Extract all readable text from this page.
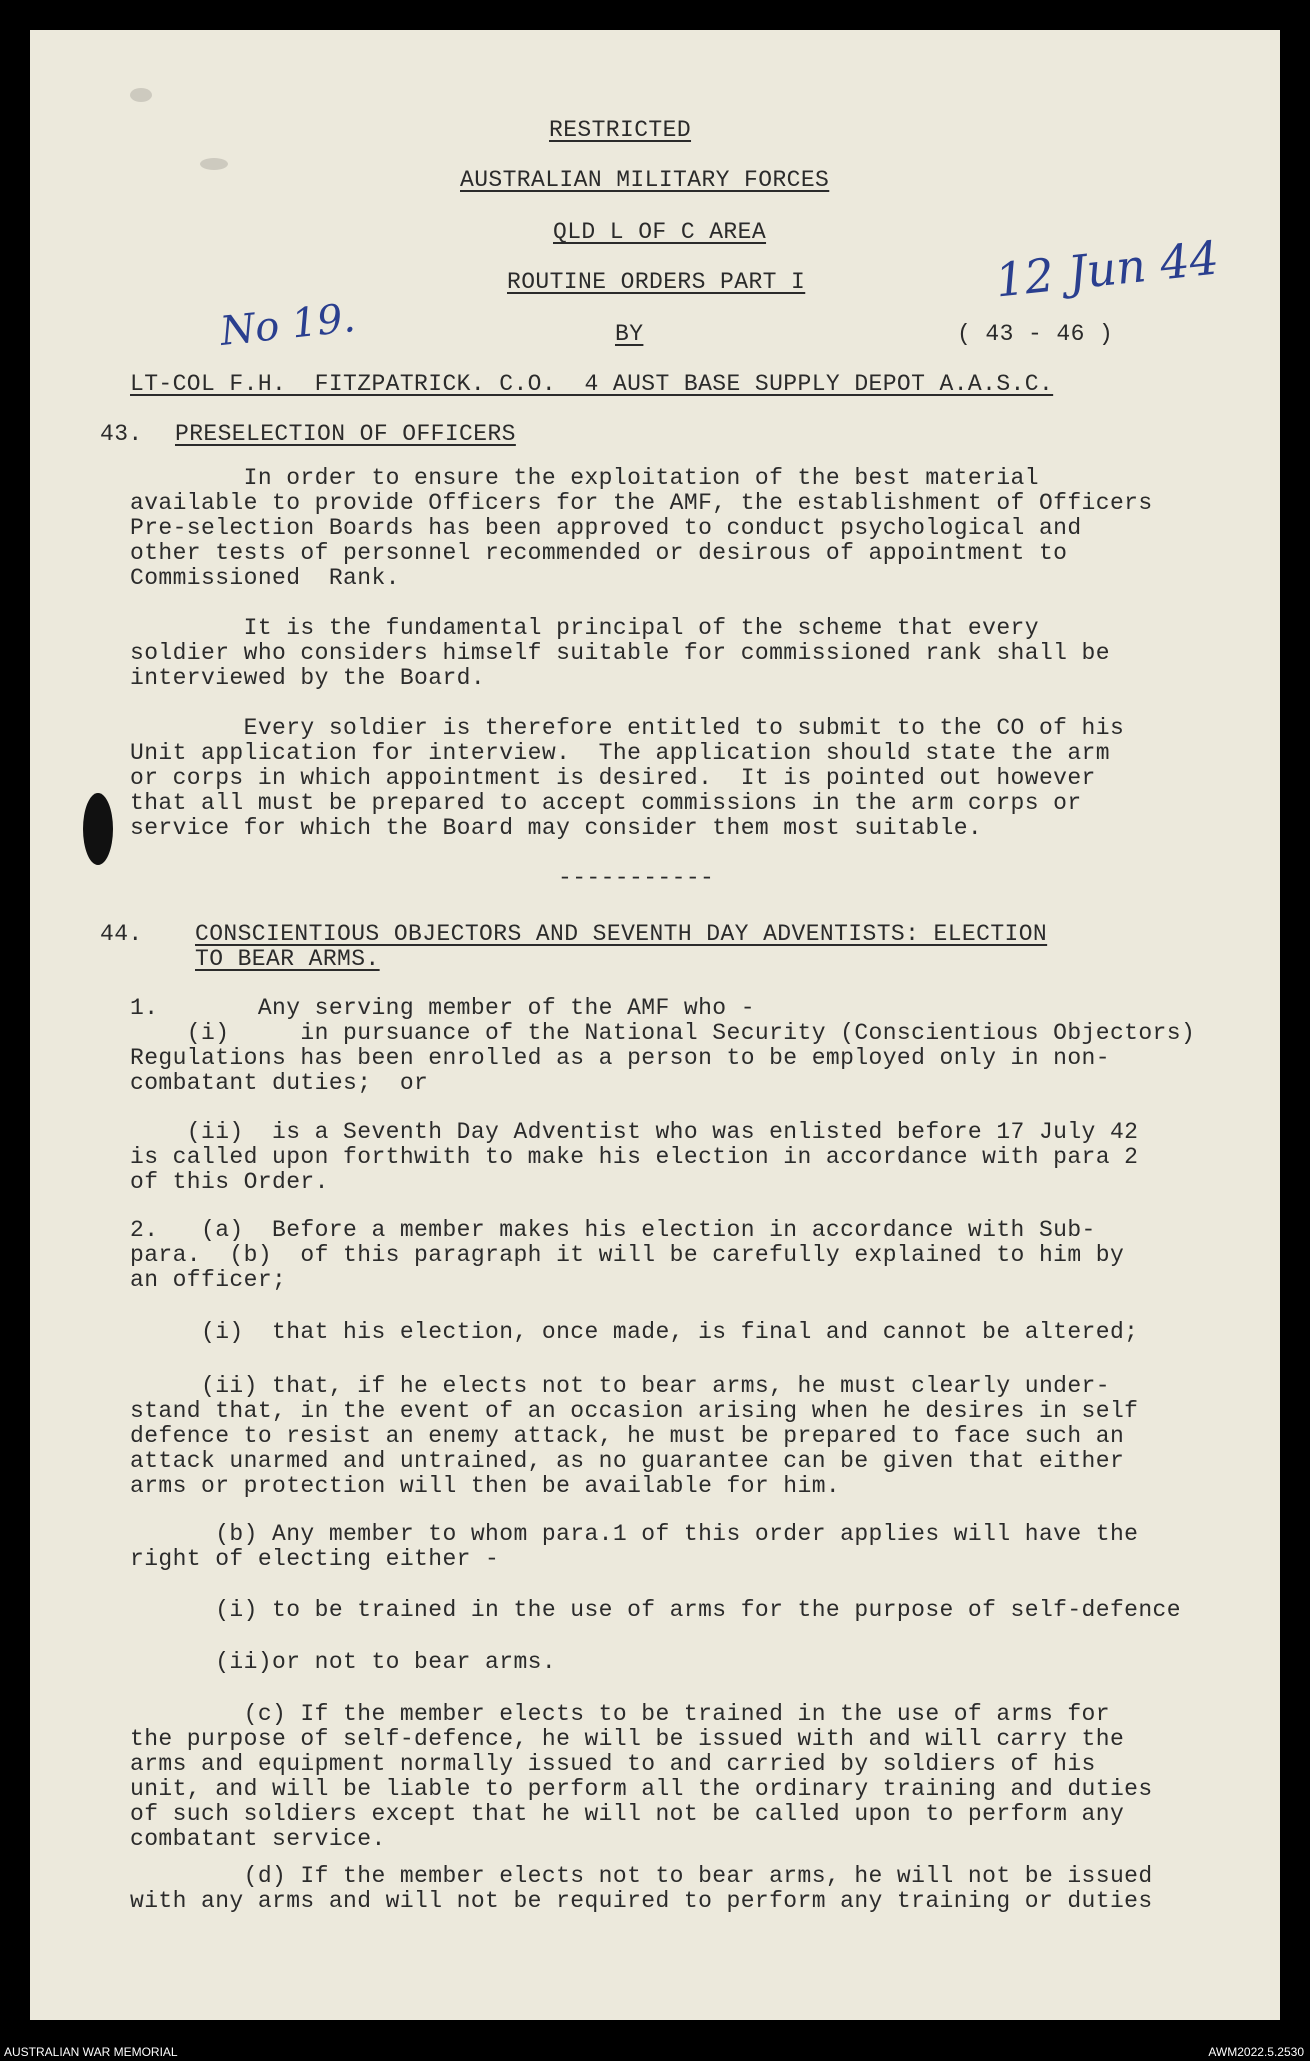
RESTRICTED
AUSTRALIAN MILITARY FORCES
QLD L OF C AREA
ROUTINE ORDERS PART I	12 Jun 44
No 19.	BY	( 43 - 46 )
LT-COL F.H.  FITZPATRICK. C.O.  4 AUST BASE SUPPLY DEPOT A.A.S.C.
43. PRESELECTION OF OFFICERS
In order to ensure the exploitation of the best material
available to provide Officers for the AMF, the establishment of Officers
Pre-selection Boards has been approved to conduct psychological and
other tests of personnel recommended or desirous of appointment to
Commissioned  Rank.
It is the fundamental principal of the scheme that every
soldier who considers himself suitable for commissioned rank shall be
interviewed by the Board.
Every soldier is therefore entitled to submit to the CO of his
Unit application for interview.  The application should state the arm
or corps in which appointment is desired.  It is pointed out however
that all must be prepared to accept commissions in the arm corps or
service for which the Board may consider them most suitable.
-----------
44. CONSCIENTIOUS OBJECTORS AND SEVENTH DAY ADVENTISTS: ELECTION
TO BEAR ARMS.
1.       Any serving member of the AMF who -
(i)     in pursuance of the National Security (Conscientious Objectors)
Regulations has been enrolled as a person to be employed only in non-
combatant duties;  or
(ii)  is a Seventh Day Adventist who was enlisted before 17 July 42
is called upon forthwith to make his election in accordance with para 2
of this Order.
2.   (a)  Before a member makes his election in accordance with Sub-
para.  (b)  of this paragraph it will be carefully explained to him by
an officer;
(i)  that his election, once made, is final and cannot be altered;
(ii) that, if he elects not to bear arms, he must clearly under-
stand that, in the event of an occasion arising when he desires in self
defence to resist an enemy attack, he must be prepared to face such an
attack unarmed and untrained, as no guarantee can be given that either
arms or protection will then be available for him.
(b) Any member to whom para.1 of this order applies will have the
right of electing either -
(i) to be trained in the use of arms for the purpose of self-defence
(ii)or not to bear arms.
(c) If the member elects to be trained in the use of arms for
the purpose of self-defence, he will be issued with and will carry the
arms and equipment normally issued to and carried by soldiers of his
unit, and will be liable to perform all the ordinary training and duties
of such soldiers except that he will not be called upon to perform any
combatant service.
(d) If the member elects not to bear arms, he will not be issued
with any arms and will not be required to perform any training or duties
AUSTRALIAN WAR MEMORIAL	AWM2022.5.2530
